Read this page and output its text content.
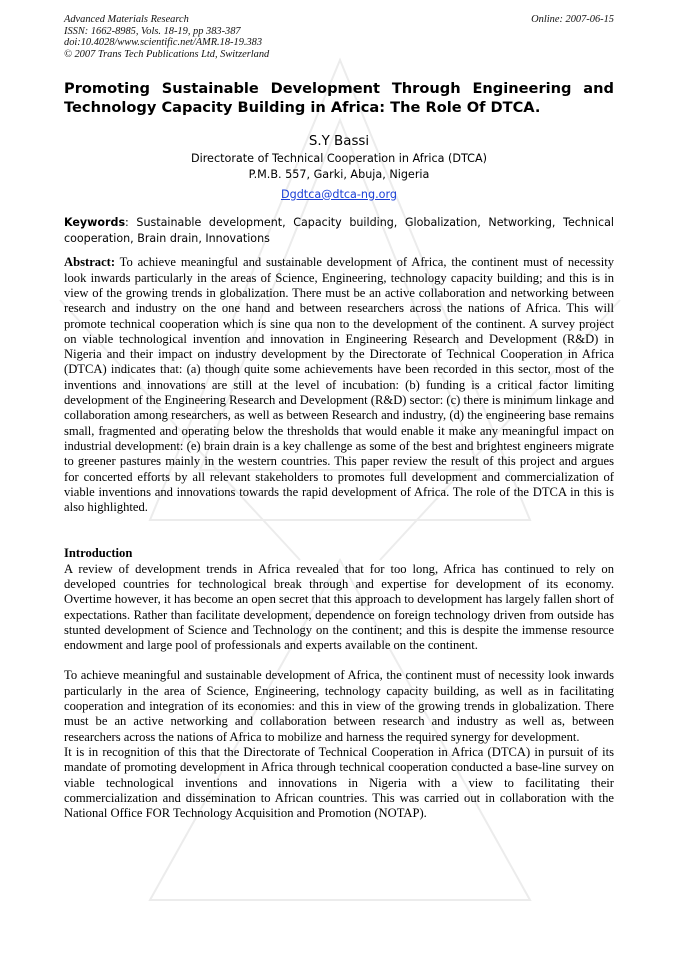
Advanced Materials Research	Online: 2007-06-15
ISSN: 1662-8985, Vols. 18-19, pp 383-387
doi:10.4028/www.scientific.net/AMR.18-19.383
© 2007 Trans Tech Publications Ltd, Switzerland
Promoting Sustainable Development Through Engineering and Technology Capacity Building in Africa: The Role Of DTCA.
S.Y Bassi
Directorate of Technical Cooperation in Africa (DTCA)
P.M.B. 557, Garki, Abuja, Nigeria
Dgdtca@dtca-ng.org
Keywords: Sustainable development, Capacity building, Globalization, Networking, Technical cooperation, Brain drain, Innovations
Abstract: To achieve meaningful and sustainable development of Africa, the continent must of necessity look inwards particularly in the areas of Science, Engineering, technology capacity building; and this is in view of the growing trends in globalization. There must be an active collaboration and networking between research and industry on the one hand and between researchers across the nations of Africa. This will promote technical cooperation which is sine qua non to the development of the continent. A survey project on viable technological invention and innovation in Engineering Research and Development (R&D) in Nigeria and their impact on industry development by the Directorate of Technical Cooperation in Africa (DTCA) indicates that: (a) though quite some achievements have been recorded in this sector, most of the inventions and innovations are still at the level of incubation: (b) funding is a critical factor limiting development of the Engineering Research and Development (R&D) sector: (c) there is minimum linkage and collaboration among researchers, as well as between Research and industry, (d) the engineering base remains small, fragmented and operating below the thresholds that would enable it make any meaningful impact on industrial development: (e) brain drain is a key challenge as some of the best and brightest engineers migrate to greener pastures mainly in the western countries. This paper review the result of this project and argues for concerted efforts by all relevant stakeholders to promotes full development and commercialization of viable inventions and innovations towards the rapid development of Africa. The role of the DTCA in this is also highlighted.
Introduction

A review of development trends in Africa revealed that for too long, Africa has continued to rely on developed countries for technological break through and expertise for development of its economy. Overtime however, it has become an open secret that this approach to development has largely fallen short of expectations. Rather than facilitate development, dependence on foreign technology driven from outside has stunted development of Science and Technology on the continent; and this is despite the immense resource endowment and large pool of professionals and experts available on the continent.

To achieve meaningful and sustainable development of Africa, the continent must of necessity look inwards particularly in the area of Science, Engineering, technology capacity building, as well as in facilitating cooperation and integration of its economies: and this in view of the growing trends in globalization. There must be an active networking and collaboration between research and industry as well as, between researchers across the nations of Africa to mobilize and harness the required synergy for development.

It is in recognition of this that the Directorate of Technical Cooperation in Africa (DTCA) in pursuit of its mandate of promoting development in Africa through technical cooperation conducted a base-line survey on viable technological inventions and innovations in Nigeria with a view to facilitating their commercialization and dissemination to African countries. This was carried out in collaboration with the National Office FOR Technology Acquisition and Promotion (NOTAP).
